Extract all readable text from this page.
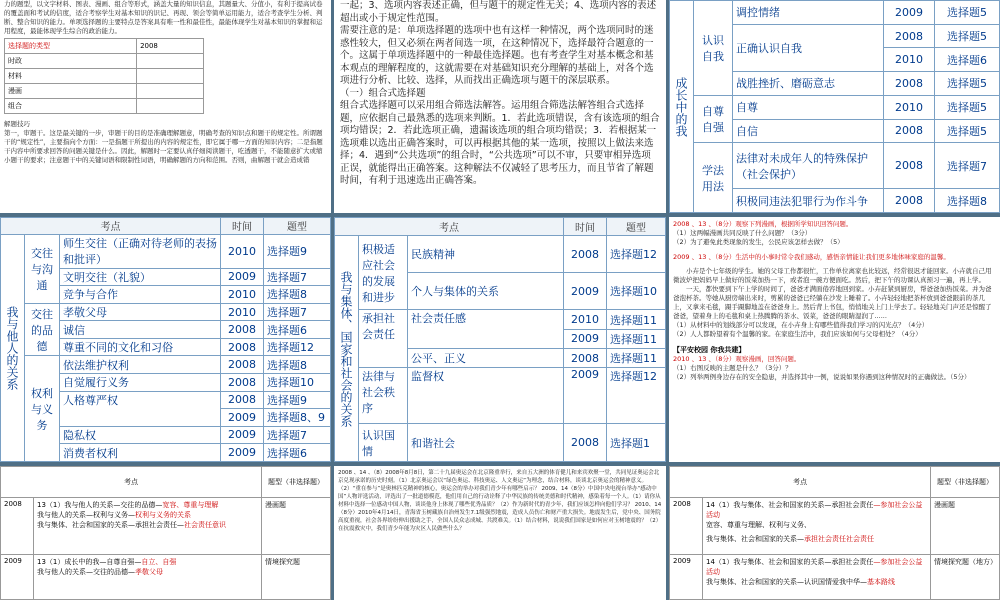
力的题型，以文字材料、图表、漫画、组合等形式，涵盖大量的知识信息，其题量大、分值小，有利于提高试卷的覆盖面和考试的信度，适合考察学生对基本知识的识记、再现、领会等简单运用能力，适合考查学生分析、判断、整合知识的能力。单项选择题的主要特点是答案具有唯一性和最佳性，最能体现学生对基本知识的掌握和运用程度，最能体现学生综合的政治能力。
选择题的类型	2008
时政	
材料	
漫画	
组合	
解题技巧
第一，审题干。这是最关键的一步，审题干的目的是准确理解题意，明确考查的知识点和题干的规定性。所谓题干的“规定性”，主要指向个方面：一是指题干所提出的内容的规定性，即它属于哪一方面的知识内容；二是指题干内容中所要求回答的问题关键是什么。因此，解题时一定要认真仔细阅读题干，吃透题干，不能随意扩大或缩小题干的要求；注意题干中的关键词语和限制性词语，明确解题的方向和范围。否则，曲解题干就会造成错
一起；3、选项内容表述正确，但与题干的规定性无关；4、选项内容的表述超出或小于规定性范围。
需要注意的是：单项选择题的选项中也有这样一种情况，两个选项同时的迷惑性较大，但又必须在两者间选一项，在这种情况下，选择最符合题意的一个。这属于单项选择题中的一种最佳选择题。也有考查学生对基本概念和基本观点的理解程度的，这就需要在对基础知识充分理解的基础上，对各个选项进行分析、比较、选择，从而找出正确选项与题干的深层联系。
（一）组合式选择题
组合式选择题可以采用组合筛选法解答。运用组合筛选法解答组合式选择题，应依据自己最熟悉的选项来判断。1．若此选项错误，含有该选项的组合项均错误；2．若此选项正确，遗漏该选项的组合项均错误；3．若根据某一选项难以选出正确答案时，可以再根据其他的某一选项，按照以上做法来选择；4．遇到“公共选项”的组合时，“公共选项”可以不审，只要审相异选项正误，就能得出正确答案。这种解法不仅减轻了思考压力，而且节省了解题时间，有利于迅速选出正确答案。
成长中的我	认识自我	调控情绪	2009	选择题5
		正确认识自我	2008	选择题5
			2010	选择题6
		战胜挫折、磨砺意志	2008	选择题5
	自尊自强	自尊	2010	选择题5
		自信	2008	选择题5
	学法用法	法律对未成年人的特殊保护（社会保护）	2008	选择题7
		积极同违法犯罪行为作斗争	2008	选择题8
考点			时间	题型
我与他人的关系	交往与沟通	师生交往（正确对待老师的表扬和批评）	2010	选择题9
		文明交往（礼貌）	2009	选择题7
		竞争与合作	2010	选择题8
	交往的品德	孝敬父母	2010	选择题7
		诚信	2008	选择题6
		尊重不同的文化和习俗	2008	选择题12
	权利与义务	依法维护权利	2008	选择题8
		自觉履行义务	2008	选择题10
		人格尊严权	2008	选择题9
			2009	选择题8、9
		隐私权	2009	选择题7
		消费者权利	2009	选择题6
考点			时间	题型
我与集体、国家和社会的关系	积极适应社会的发展和进步	民族精神	2008	选择题12
		个人与集体的关系	2009	选择题10
	承担社会责任	社会责任感	2010	选择题11
			2009	选择题11
		公平、正义	2008	选择题11
	法律与社会秩序	监督权	2009	选择题12
	认识国情	和谐社会	2008	选择题1
2008 、13 、（8分）观察下列漫画，根据所学知识回答问题。
（1）这两幅漫画共同反映了什么问题？（3分）
（2）为了避免此类现象的发生，公民应该怎样去做？（5）
2009 、13 、（8分）生活中的小事时常令我们感动，感悟亲情能让我们更多地体味家庭的温馨。
小卉是个七年级的学生。她的父母工作都很忙，工作单位离家也比较远，经常很迟才能回家。小卉就自己用微波炉把妈妈早上做好的饭菜加热一下，或者泡一碗方便面吃。然后，把下午的功课认真预习一遍，再上学。
一天，都快要到下午上学的时间了，爸爸才满面倦容地回到家。小卉赶紧到厨房，帮爸爸加热饭菜。并为爸爸泡杯茶。等她从厨房端出来时，剪累的爸爸已经躺在沙发上睡着了。小卉轻轻地把茶杯放到爸爸跟前的茶几上，又拿来毛毯，蹑手蹑脚地盖在爸爸身上。然后背上书包，悄悄地关上门上学去了。轻轻地关门声还是惊醒了爸爸，望着身上的毛毯和桌上热腾腾的茶水、饭菜，爸爸的眼睛湿润了......
（1）从材料中的划线部分可以发现，在小卉身上有哪些值得我们学习的闪光点？（4分）
（2）人人都盼望着有个温馨的家。在家庭生活中，我们应该如何与父母相处？（4分）
【平安校园 你我共建】
2010 、13 、（8分）观察漫画，回答问题。
（1）右图反映的主题是什么？（3分）？
（2）列举两例身边存在的安全隐患，并选择其中一例，说说如果你遇到这种情况时的正确做法。（5分）
考点		题型（非选择题）
2008	13（1）我与他人的关系—交往的品德—宽容、尊重与理解
我与他人的关系—权利与义务—权利与义务的关系
我与集体、社会和国家的关系—承担社会责任—社会责任意识	漫画题
2009	13（1）成长中的我—自尊自强—自立、自强
我与他人的关系—交往的品德—孝敬父母	情境探究题
2008 、14 、（8）2008年8月8日，第二十九届奥运会在北京隆重举行，来自五大洲的体育健儿和来宾欢聚一堂，共同见证奥运会北京兑现承诺的历史时刻。（1）北京奥运会以“绿色奥运、科技奥运、人文奥运”为理念，结合材料，谈谈北京奥运会的精神意义。（2）“重在参与”是奥林匹克精神的核心，奥运会的举办对我们青少年有哪些启示？ 2009、14（8分）中国中央电视台举办“感动中国”人物评选活动，评选出了一批道德模范，他们用自己的行动诠释了中华民族的传统美德和时代精神，感染着每一个人。（1）请你从材料中选择一位感动中国人物，谈谈他身上体现了哪些优秀品质？（2）作为新时代的青少年，我们应该怎样向他们学习？ 2010、14（8分）2010年4月14日，青海省玉树藏族自治州发生7.1级强烈地震，造成人员伤亡和财产重大损失。地震发生后，党中央、国务院高度重视，社会各界纷纷伸出援助之手，全国人民众志成城、共渡难关。（1）结合材料，说说我们国家是如何应对玉树地震的？（2）在抗震救灾中，我们青少年能为灾区人民做些什么？
考点		题型（非选择题）
2008	14（1）我与集体、社会和国家的关系—承担社会责任—参加社会公益活动
宽容、尊重与理解、权利与义务、
我与集体、社会和国家的关系—承担社会责任社会责任	漫画题
2009	14（1）我与集体、社会和国家的关系—承担社会责任—参加社会公益活动
我与集体、社会和国家的关系—认识国情爱我中华—基本路线	情境探究题（地方）
